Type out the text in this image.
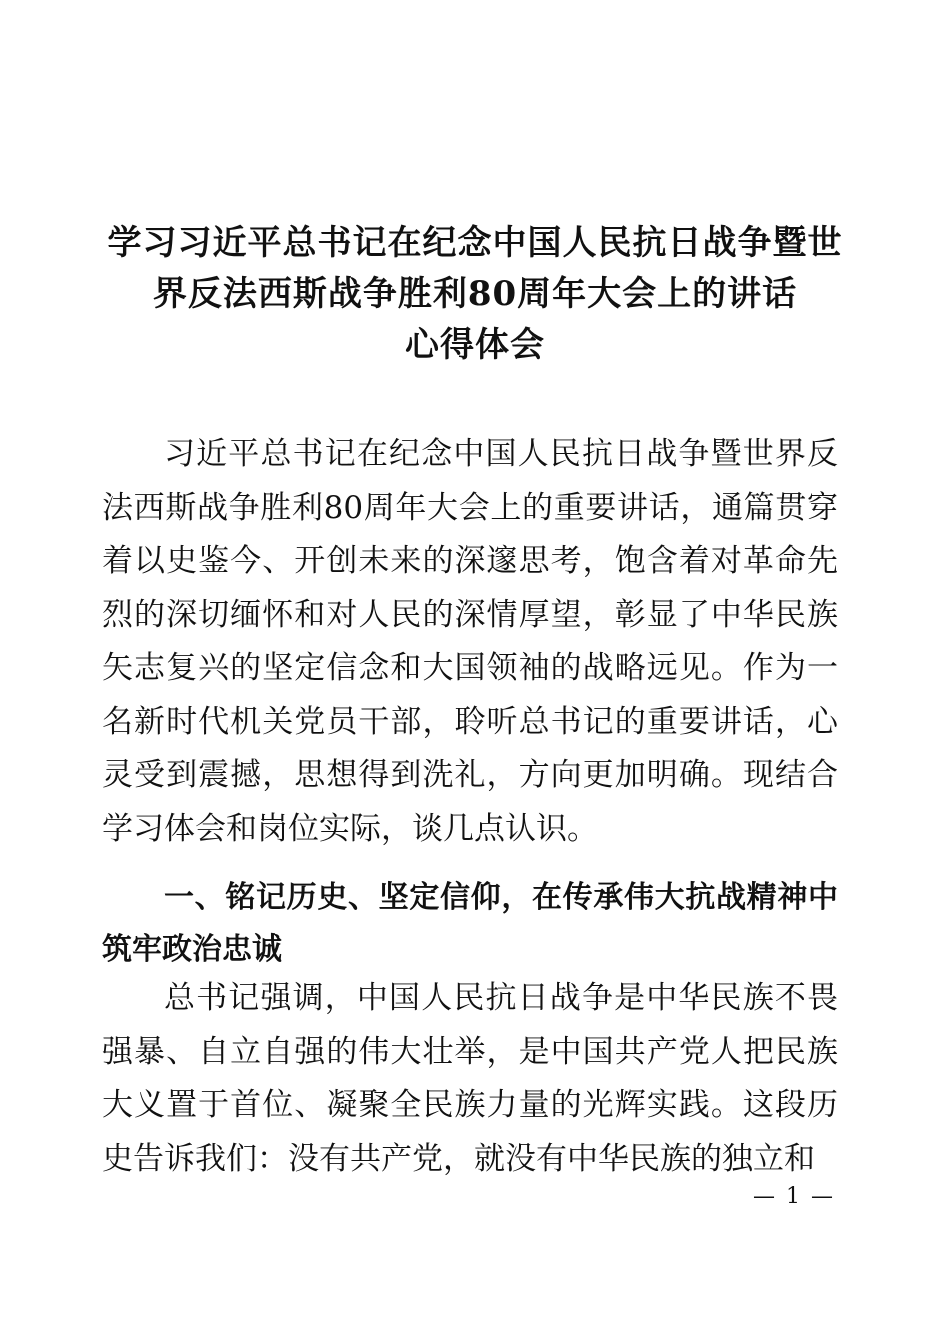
学习习近平总书记在纪念中国人民抗日战争暨世
界反法西斯战争胜利80周年大会上的讲话
心得体会

习近平总书记在纪念中国人民抗日战争暨世界反法西斯战争胜利80周年大会上的重要讲话，通篇贯穿着以史鉴今、开创未来的深邃思考，饱含着对革命先烈的深切缅怀和对人民的深情厚望，彰显了中华民族矢志复兴的坚定信念和大国领袖的战略远见。作为一名新时代机关党员干部，聆听总书记的重要讲话，心灵受到震撼，思想得到洗礼，方向更加明确。现结合学习体会和岗位实际，谈几点认识。

一、铭记历史、坚定信仰，在传承伟大抗战精神中筑牢政治忠诚

总书记强调，中国人民抗日战争是中华民族不畏强暴、自立自强的伟大壮举，是中国共产党人把民族大义置于首位、凝聚全民族力量的光辉实践。这段历史告诉我们：没有共产党，就没有中华民族的独立和

— 1 —
